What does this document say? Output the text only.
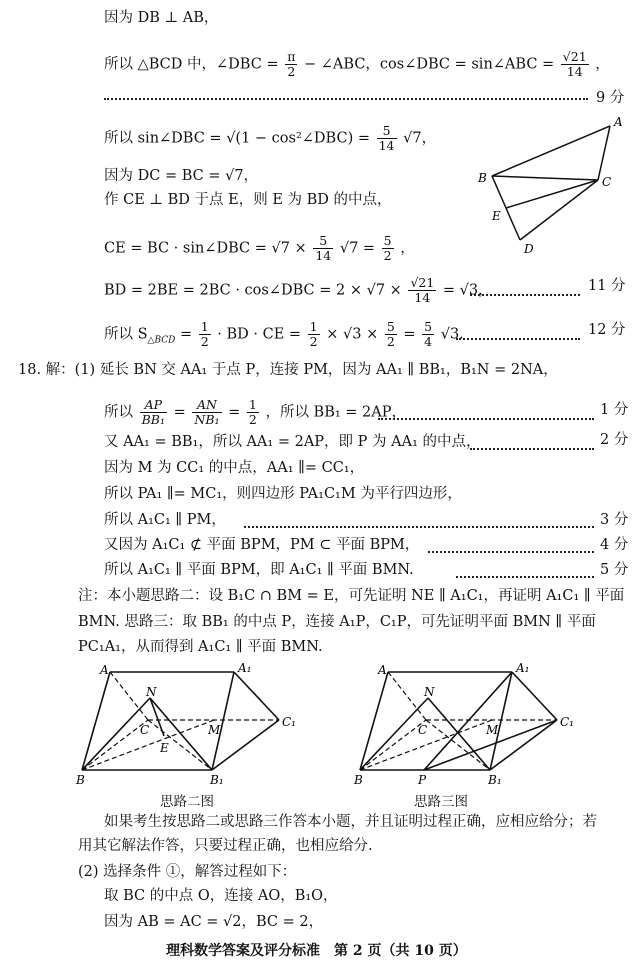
因为 DB ⊥ AB，
所以 △BCD 中，∠DBC = $\frac{\pi}{2}$ − ∠ABC，cos∠DBC = sin∠ABC = $\frac{√21}{14}$ ，
9 分
所以 sin∠DBC = √(1 − cos²∠DBC) = $\frac{5}{14} √7$，
因为 DC = BC = √7，
作 CE ⊥ BD 于点 E，则 E 为 BD 的中点，
CE = BC · sin∠DBC = $√7 \times \frac{5}{14} √7 = \frac{5}{2}$ ，
BD = 2BE = 2BC · cos∠DBC = $2 \times √7 \times \frac{√21}{14} = √3$，	11 分
所以 $S_{\triangle BCD} = \frac{1}{2}$ · BD · CE = $\frac{1}{2} \times √3 \times \frac{5}{2} = \frac{5}{4} √3$.	12 分
A
B	C
E
D
18. 解：(1) 延长 BN 交 AA₁ 于点 P，连接 PM，因为 AA₁ ∥ BB₁，B₁N = 2NA，
所以 $\frac{AP}{\text{BB₁}} = \frac{AN}{\text{NB₁}} = \frac{1}{2}$ ，所以 BB₁ = 2AP，	1 分
又 AA₁ = BB₁，所以 AA₁ = 2AP，即 P 为 AA₁ 的中点，	2 分
因为 M 为 CC₁ 的中点，AA₁ ∥= CC₁，
所以 PA₁ ∥= MC₁，则四边形 PA₁C₁M 为平行四边形，
所以 A₁C₁ ∥ PM，	3 分
又因为 A₁C₁ ⊄ 平面 BPM，PM ⊂ 平面 BPM，	4 分
所以 A₁C₁ ∥ 平面 BPM，即 A₁C₁ ∥ 平面 BMN.	5 分
注：本小题思路二：设 B₁C ∩ BM = E，可先证明 NE ∥ A₁C₁，再证明 A₁C₁ ∥ 平面
BMN. 思路三：取 BB₁ 的中点 P，连接 A₁P，C₁P，可先证明平面 BMN ∥ 平面
PC₁A₁，从而得到 A₁C₁ ∥ 平面 BMN.
A	A₁
N
C	M
C₁
E
B	B₁
思路二图
A	A₁
N
C	M
C₁
P
B	B₁
思路三图
如果考生按思路二或思路三作答本小题，并且证明过程正确，应相应给分；若
用其它解法作答，只要过程正确，也相应给分.
(2) 选择条件 ①，解答过程如下：
取 BC 的中点 O，连接 AO，B₁O，
因为 AB = AC = √2，BC = 2，
理科数学答案及评分标准　第 2 页（共 10 页）
